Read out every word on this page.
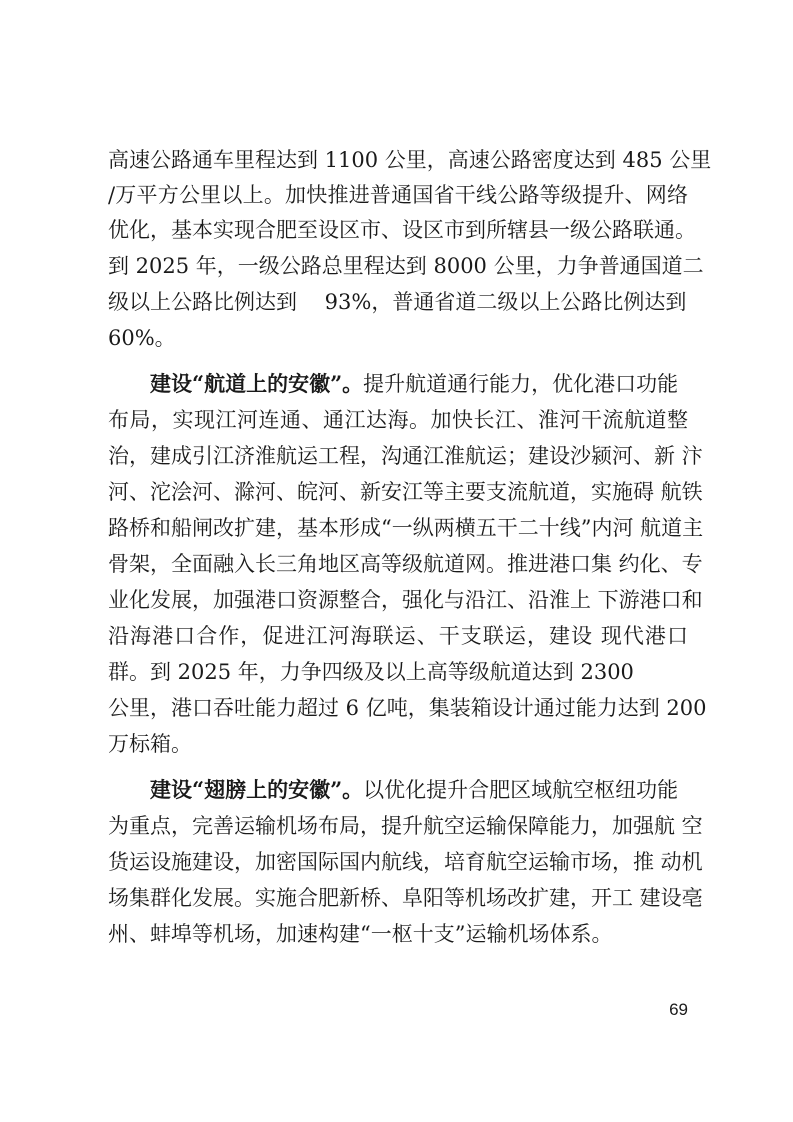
高速公路通车里程达到 1100 公里，高速公路密度达到 485 公里
/万平方公里以上。加快推进普通国省干线公路等级提升、网络
优化，基本实现合肥至设区市、设区市到所辖县一级公路联通。
到 2025 年，一级公路总里程达到 8000 公里，力争普通国道二
级以上公路比例达到　 93%，普通省道二级以上公路比例达到
60%。
建设“航道上的安徽”。提升航道通行能力，优化港口功能
布局，实现江河连通、通江达海。加快长江、淮河干流航道整
治，建成引江济淮航运工程，沟通江淮航运；建设沙颍河、新 汴
河、沱浍河、滁河、皖河、新安江等主要支流航道，实施碍 航铁
路桥和船闸改扩建，基本形成“一纵两横五干二十线”内河 航道主
骨架，全面融入长三角地区高等级航道网。推进港口集 约化、专
业化发展，加强港口资源整合，强化与沿江、沿淮上 下游港口和
沿海港口合作，促进江河海联运、干支联运，建设 现代港口
群。到 2025 年，力争四级及以上高等级航道达到 2300
公里，港口吞吐能力超过 6 亿吨，集装箱设计通过能力达到 200
万标箱。
建设“翅膀上的安徽”。以优化提升合肥区域航空枢纽功能
为重点，完善运输机场布局，提升航空运输保障能力，加强航 空
货运设施建设，加密国际国内航线，培育航空运输市场，推 动机
场集群化发展。实施合肥新桥、阜阳等机场改扩建，开工 建设亳
州、蚌埠等机场，加速构建“一枢十支”运输机场体系。
69
